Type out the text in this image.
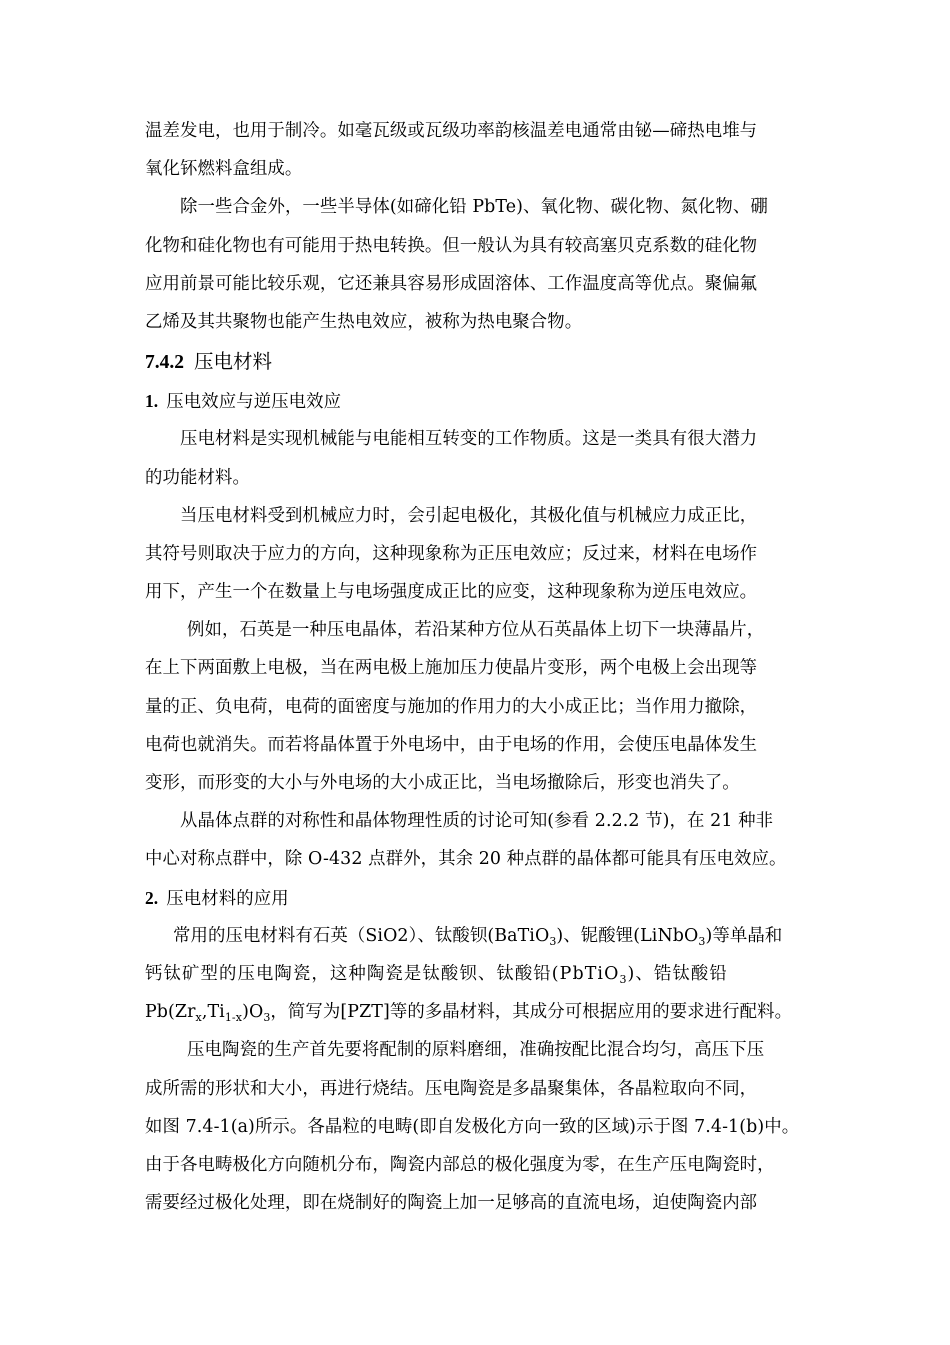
温差发电，也用于制冷。如毫瓦级或瓦级功率韵核温差电通常由铋—碲热电堆与
氧化钚燃料盒组成。
除一些合金外，一些半导体(如碲化铅 PbTe)、氧化物、碳化物、氮化物、硼
化物和硅化物也有可能用于热电转换。但一般认为具有较高塞贝克系数的硅化物
应用前景可能比较乐观，它还兼具容易形成固溶体、工作温度高等优点。聚偏氟
乙烯及其共聚物也能产生热电效应，被称为热电聚合物。
7.4.2 压电材料
1. 压电效应与逆压电效应
压电材料是实现机械能与电能相互转变的工作物质。这是一类具有很大潜力
的功能材料。
当压电材料受到机械应力时，会引起电极化，其极化值与机械应力成正比，
其符号则取决于应力的方向，这种现象称为正压电效应；反过来，材料在电场作
用下，产生一个在数量上与电场强度成正比的应变，这种现象称为逆压电效应。
例如，石英是一种压电晶体，若沿某种方位从石英晶体上切下一块薄晶片，
在上下两面敷上电极，当在两电极上施加压力使晶片变形，两个电极上会出现等
量的正、负电荷，电荷的面密度与施加的作用力的大小成正比；当作用力撤除，
电荷也就消失。而若将晶体置于外电场中，由于电场的作用，会使压电晶体发生
变形，而形变的大小与外电场的大小成正比，当电场撤除后，形变也消失了。
从晶体点群的对称性和晶体物理性质的讨论可知(参看 2.2.2 节)，在 21 种非
中心对称点群中，除 O-432 点群外，其余 20 种点群的晶体都可能具有压电效应。
2. 压电材料的应用
常用的压电材料有石英（SiO2）、钛酸钡(BaTiO$_3$)、铌酸锂(LiNbO$_3$)等单晶和
钙钛矿型的压电陶瓷，这种陶瓷是钛酸钡、钛酸铅(PbTiO$_3$)、锆钛酸铅
$Pb(Zr_x,Ti_{1-x})O_3$，简写为[PZT]等的多晶材料，其成分可根据应用的要求进行配料。
压电陶瓷的生产首先要将配制的原料磨细，准确按配比混合均匀，高压下压
成所需的形状和大小，再进行烧结。压电陶瓷是多晶聚集体，各晶粒取向不同，
如图 7.4-1(a)所示。各晶粒的电畴(即自发极化方向一致的区域)示于图 7.4-1(b)中。
由于各电畴极化方向随机分布，陶瓷内部总的极化强度为零，在生产压电陶瓷时，
需要经过极化处理，即在烧制好的陶瓷上加一足够高的直流电场，迫使陶瓷内部
